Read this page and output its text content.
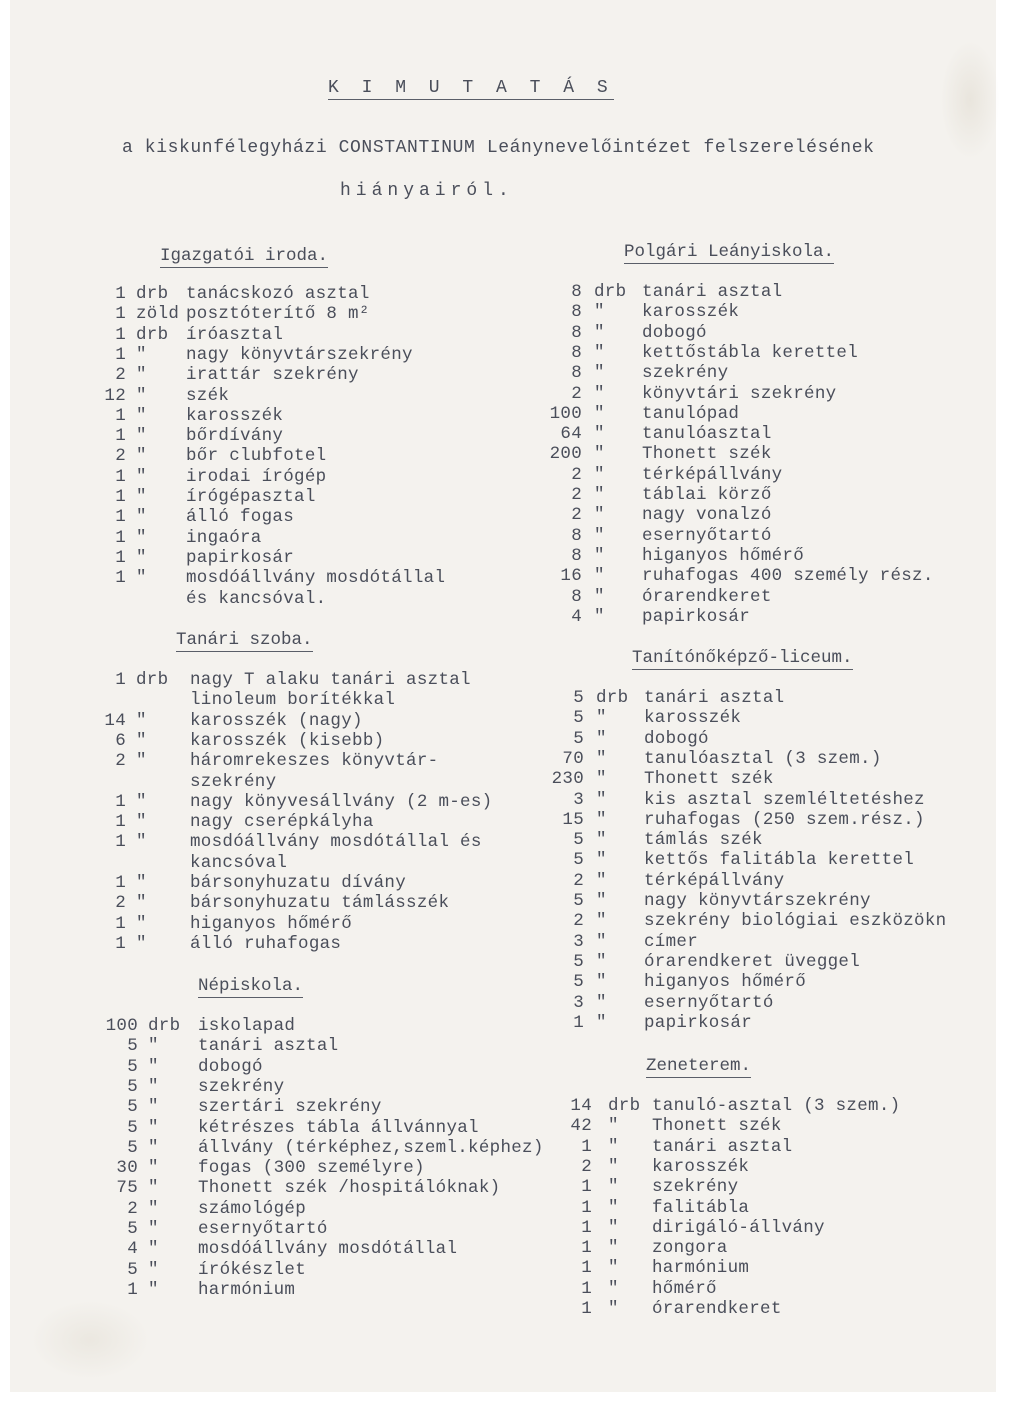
K I M U T A T Á S
a kiskunfélegyházi CONSTANTINUM Leánynevelőintézet felszerelésének
hiányairól.
Igazgatói iroda.
Tanári szoba.
Népiskola.
Polgári Leányiskola.
Tanítónőképző-liceum.
Zeneterem.
1 drb tanácskozó asztal
1 zöld posztóterítő 8 m²
1 drb íróasztal
1 " nagy könyvtárszekrény
2 " irattár szekrény
12 " szék
1 " karosszék
1 " bőrdívány
2 " bőr clubfotel
1 " irodai írógép
1 " írógépasztal
1 " álló fogas
1 " ingaóra
1 " papirkosár
1 " mosdóállvány mosdótállal
és kancsóval.
1 drb nagy T alaku tanári asztal
linoleum borítékkal
14 " karosszék (nagy)
6 " karosszék (kisebb)
2 " háromrekeszes könyvtár-
szekrény
1 " nagy könyvesállvány (2 m-es)
1 " nagy cserépkályha
1 " mosdóállvány mosdótállal és
kancsóval
1 " bársonyhuzatu dívány
2 " bársonyhuzatu támlásszék
1 " higanyos hőmérő
1 " álló ruhafogas
100 drb iskolapad
5 " tanári asztal
5 " dobogó
5 " szekrény
5 " szertári szekrény
5 " kétrészes tábla állvánnyal
5 " állvány (térképhez,szeml.képhez)
30 " fogas (300 személyre)
75 " Thonett szék /hospitálóknak)
2 " számológép
5 " esernyőtartó
4 " mosdóállvány mosdótállal
5 " írókészlet
1 " harmónium
8 drb tanári asztal
8 " karosszék
8 " dobogó
8 " kettőstábla kerettel
8 " szekrény
2 " könyvtári szekrény
100 " tanulópad
64 " tanulóasztal
200 " Thonett szék
2 " térképállvány
2 " táblai körző
2 " nagy vonalzó
8 " esernyőtartó
8 " higanyos hőmérő
16 " ruhafogas 400 személy rész.
8 " órarendkeret
4 " papirkosár
5 drb tanári asztal
5 " karosszék
5 " dobogó
70 " tanulóasztal (3 szem.)
230 " Thonett szék
3 " kis asztal szemléltetéshez
15 " ruhafogas (250 szem.rész.)
5 " támlás szék
5 " kettős falitábla kerettel
2 " térképállvány
5 " nagy könyvtárszekrény
2 " szekrény biológiai eszközökn
3 " címer
5 " órarendkeret üveggel
5 " higanyos hőmérő
3 " esernyőtartó
1 " papirkosár
14 drb tanuló-asztal (3 szem.)
42 " Thonett szék
1 " tanári asztal
2 " karosszék
1 " szekrény
1 " falitábla
1 " dirigáló-állvány
1 " zongora
1 " harmónium
1 " hőmérő
1 " órarendkeret
